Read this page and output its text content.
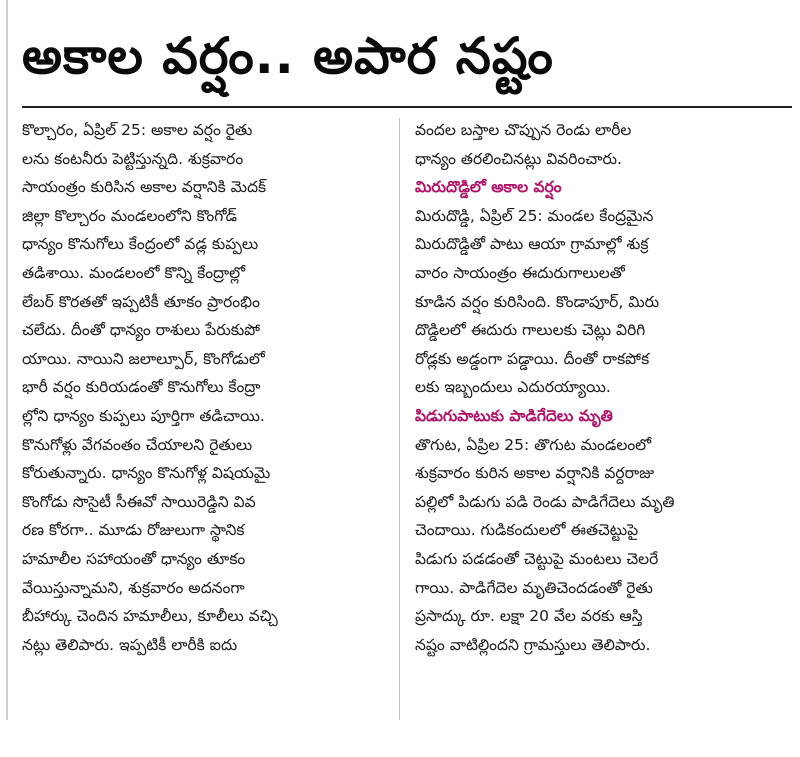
అకాల వర్షం.. అపార నష్టం
కొల్చారం, ఏప్రిల్ 25: అకాల వర్షం రైతు
లను కంటనీరు పెట్టిస్తున్నది. శుక్రవారం
సాయంత్రం కురిసిన అకాల వర్షానికి మెదక్
జిల్లా కొల్చారం మండలంలోని కొంగోడ్
ధాన్యం కొనుగోలు కేంద్రంలో వడ్ల కుప్పలు
తడిశాయి. మండలంలో కొన్ని కేంద్రాల్లో
లేబర్ కొరతతో ఇప్పటికీ తూకం ప్రారంభిం
చలేదు. దీంతో ధాన్యం రాశులు పేరుకుపో
యాయి. నాయిని జలాల్పూర్, కొంగోడులో
భారీ వర్షం కురియడంతో కొనుగోలు కేంద్రా
ల్లోని ధాన్యం కుప్పలు పూర్తిగా తడిచాయి.
కొనుగోళ్లు వేగవంతం చేయాలని రైతులు
కోరుతున్నారు. ధాన్యం కొనుగోళ్ల విషయమై
కొంగోడు సొసైటీ సీఈవో సాయిరెడ్డిని వివ
రణ కోరగా.. మూడు రోజులుగా స్థానిక
హమాలీల సహాయంతో ధాన్యం తూకం
వేయిస్తున్నామని, శుక్రవారం అదనంగా
బీహార్కు చెందిన హమాలీలు, కూలీలు వచ్చి
నట్లు తెలిపారు. ఇప్పటికీ లారీకి ఐదు
వందల బస్తాల చొప్పున రెండు లారీల
ధాన్యం తరలించినట్లు వివరించారు.
మిరుదొడ్డిలో అకాల వర్షం
మిరుదొడ్డి, ఏప్రిల్ 25: మండల కేంద్రమైన
మిరుదొడ్డితో పాటు ఆయా గ్రామాల్లో శుక్ర
వారం సాయంత్రం ఈదురుగాలులతో
కూడిన వర్షం కురిసింది. కొండాపూర్, మిరు
దొడ్డిలలో ఈదురు గాలులకు చెట్లు విరిగి
రోడ్లకు అడ్డంగా పడ్డాయి. దీంతో రాకపోక
లకు ఇబ్బందులు ఎదురయ్యాయి.
పిడుగుపాటుకు పాడిగేదెలు మృతి
తొగుట, ఏప్రిల 25: తొగుట మండలంలో
శుక్రవారం కురిన అకాల వర్షానికి వర్దరాజు
పల్లిలో పిడుగు పడి రెండు పాడిగేదెలు మృతి
చెందాయి. గుడికందులలో ఈతచెట్టుపై
పిడుగు పడడంతో చెట్టుపై మంటలు చెలరే
గాయి. పాడిగేదెల మృతిచెందడంతో రైతు
ప్రసాద్కు రూ. లక్షా 20 వేల వరకు ఆస్తి
నష్టం వాటిల్లిందని గ్రామస్తులు తెలిపారు.
